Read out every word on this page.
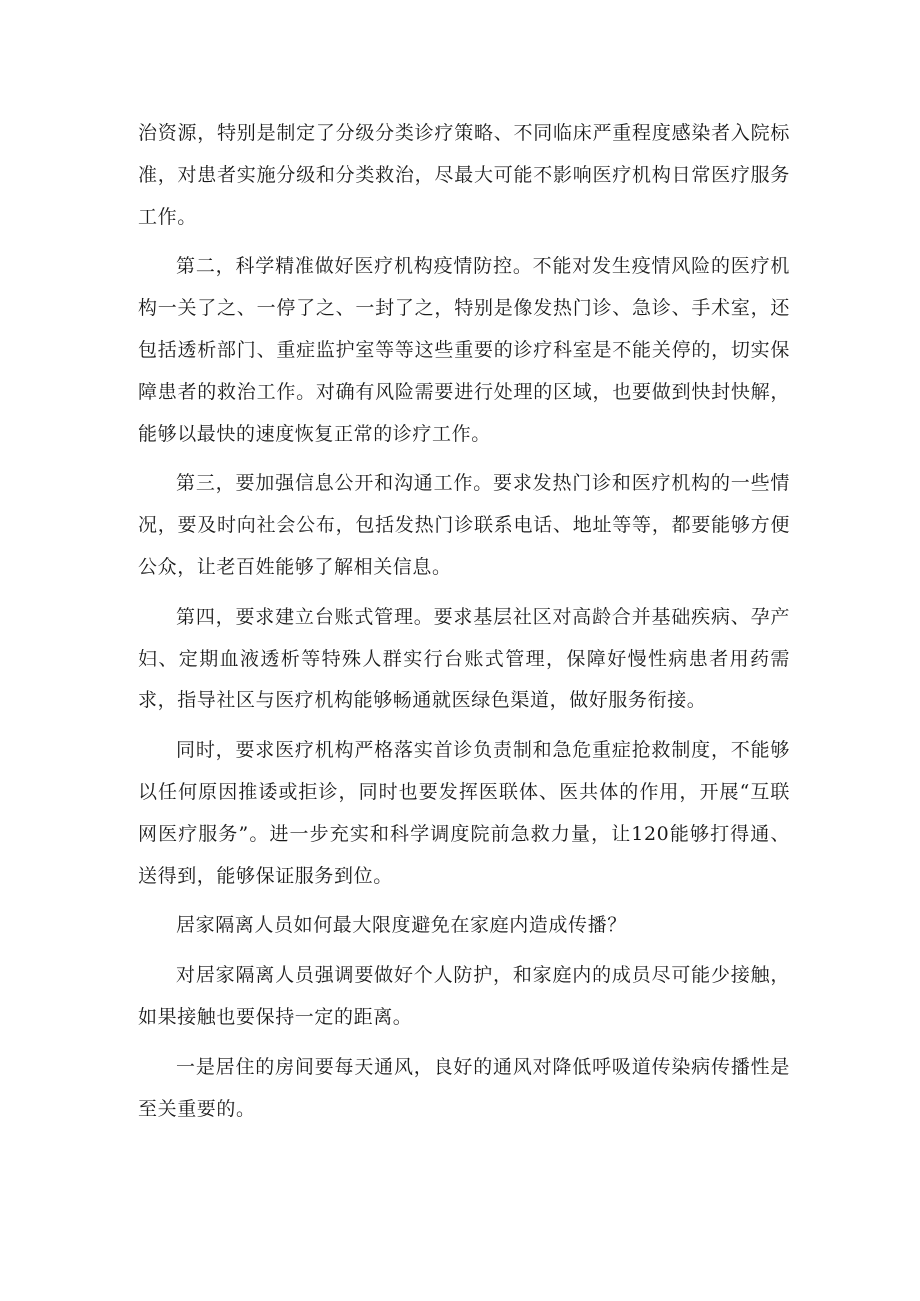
治资源，特别是制定了分级分类诊疗策略、不同临床严重程度感染者入院标准，对患者实施分级和分类救治，尽最大可能不影响医疗机构日常医疗服务工作。

第二，科学精准做好医疗机构疫情防控。不能对发生疫情风险的医疗机构一关了之、一停了之、一封了之，特别是像发热门诊、急诊、手术室，还包括透析部门、重症监护室等等这些重要的诊疗科室是不能关停的，切实保障患者的救治工作。对确有风险需要进行处理的区域，也要做到快封快解，能够以最快的速度恢复正常的诊疗工作。

第三，要加强信息公开和沟通工作。要求发热门诊和医疗机构的一些情况，要及时向社会公布，包括发热门诊联系电话、地址等等，都要能够方便公众，让老百姓能够了解相关信息。

第四，要求建立台账式管理。要求基层社区对高龄合并基础疾病、孕产妇、定期血液透析等特殊人群实行台账式管理，保障好慢性病患者用药需求，指导社区与医疗机构能够畅通就医绿色渠道，做好服务衔接。

同时，要求医疗机构严格落实首诊负责制和急危重症抢救制度，不能够以任何原因推诿或拒诊，同时也要发挥医联体、医共体的作用，开展“互联网医疗服务”。进一步充实和科学调度院前急救力量，让120能够打得通、送得到，能够保证服务到位。

居家隔离人员如何最大限度避免在家庭内造成传播？

对居家隔离人员强调要做好个人防护，和家庭内的成员尽可能少接触，如果接触也要保持一定的距离。

一是居住的房间要每天通风，良好的通风对降低呼吸道传染病传播性是至关重要的。
